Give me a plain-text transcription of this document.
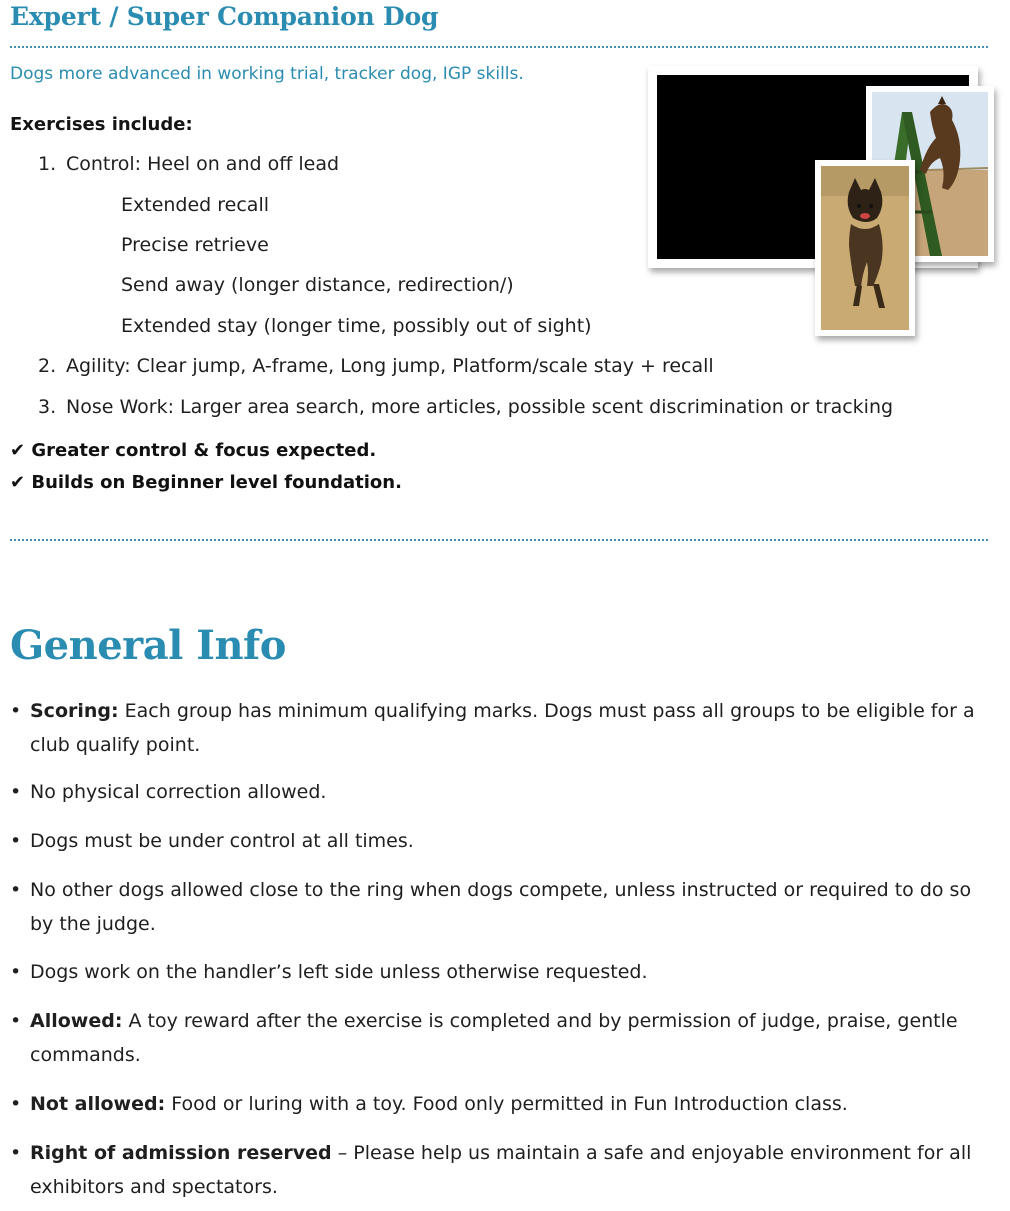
Expert / Super Companion Dog

Dogs more advanced in working trial, tracker dog, IGP skills.

Exercises include:

1. Control: Heel on and off lead

Extended recall

Precise retrieve

Send away (longer distance, redirection/)

Extended stay (longer time, possibly out of sight)

2. Agility: Clear jump, A-frame, Long jump, Platform/scale stay + recall

3. Nose Work: Larger area search, more articles, possible scent discrimination or tracking

✔ Greater control & focus expected.

✔ Builds on Beginner level foundation.

General Info
• Scoring: Each group has minimum qualifying marks. Dogs must pass all groups to be eligible for a club qualify point.
• No physical correction allowed.
• Dogs must be under control at all times.
• No other dogs allowed close to the ring when dogs compete, unless instructed or required to do so by the judge.
• Dogs work on the handler’s left side unless otherwise requested.
• Allowed: A toy reward after the exercise is completed and by permission of judge, praise, gentle commands.
• Not allowed: Food or luring with a toy. Food only permitted in Fun Introduction class.
• Right of admission reserved – Please help us maintain a safe and enjoyable environment for all exhibitors and spectators.
